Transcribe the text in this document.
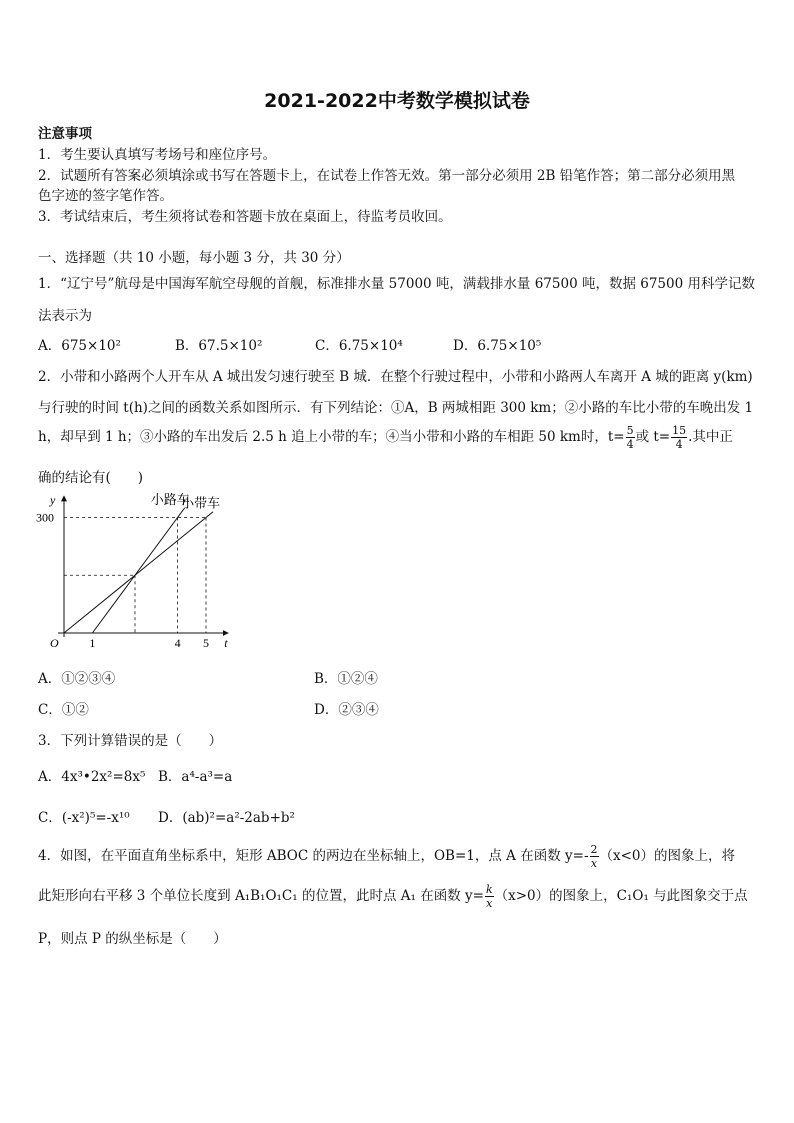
2021-2022中考数学模拟试卷
注意事项
1．考生要认真填写考场号和座位序号。
2．试题所有答案必须填涂或书写在答题卡上，在试卷上作答无效。第一部分必须用 2B 铅笔作答；第二部分必须用黑
色字迹的签字笔作答。
3．考试结束后，考生须将试卷和答题卡放在桌面上，待监考员收回。
一、选择题（共 10 小题，每小题 3 分，共 30 分）
1．“辽宁号”航母是中国海军航空母舰的首舰，标准排水量 57000 吨，满载排水量 67500 吨，数据 67500 用科学记数
法表示为
A．675×10²	B．67.5×10²	C．6.75×10⁴	D．6.75×10⁵
2．小带和小路两个人开车从 A 城出发匀速行驶至 B 城．在整个行驶过程中，小带和小路两人车离开 A 城的距离 y(km)
与行驶的时间 t(h)之间的函数关系如图所示．有下列结论：①A，B 两城相距 300 km；②小路的车比小带的车晚出发 1
h，却早到 1 h；③小路的车出发后 2.5 h 追上小带的车；④当小带和小路的车相距 50 km时，$t= \frac{5}{4}$ 或 $t= \frac{15}{4}$ .其中正
确的结论有(　　)
t
y
O
小路车
小带车
1	4 5
300
A．①②③④	B．①②④
C．①②	D．②③④
3．下列计算错误的是（　　）
A．4x³•2x²=8x⁵ B．a⁴-a³=a
C．(-x²)⁵=-x¹⁰ D．(ab)²=a²-2ab+b²
4．如图，在平面直角坐标系中，矩形 ABOC 的两边在坐标轴上，OB=1，点 A 在函数 $y=- \frac{2}{x} (x<0)$的图象上，将
此矩形向右平移 3 个单位长度到 A₁B₁O₁C₁ 的位置，此时点 A₁ 在函数 $y= \frac{k}{x} (x>0)$的图象上，C₁O₁ 与此图象交于点
P，则点 P 的纵坐标是（　　）
